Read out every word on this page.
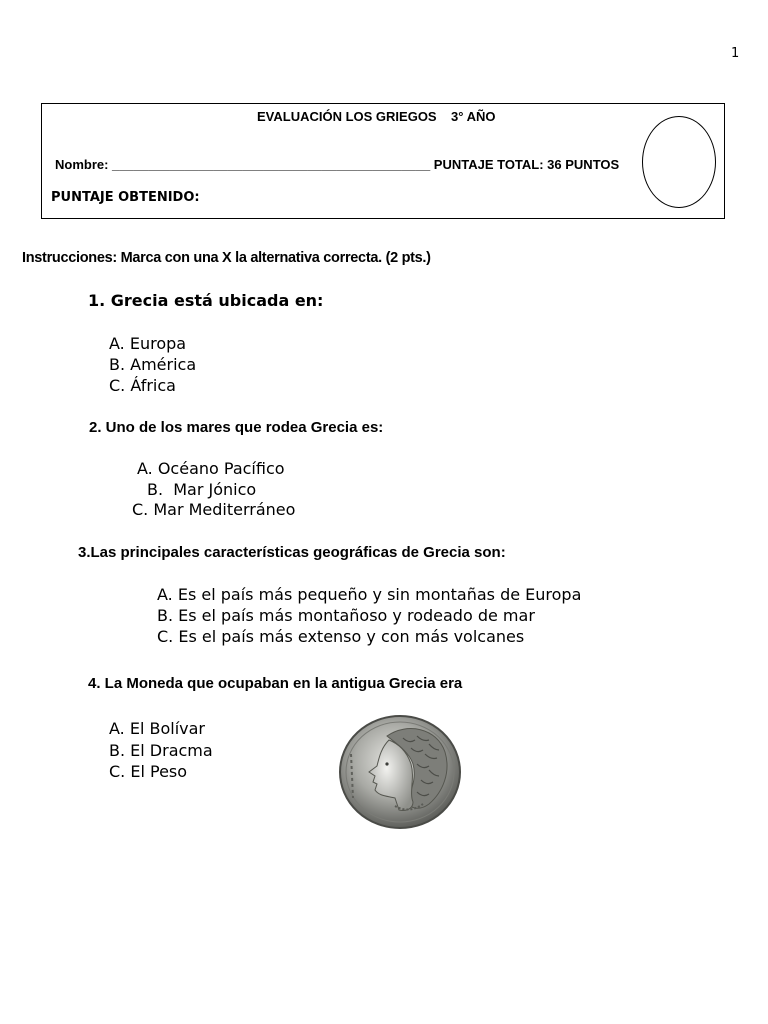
1
EVALUACIÓN LOS GRIEGOS    3° AÑO
Nombre: ____________________________________________ PUNTAJE TOTAL: 36 PUNTOS
PUNTAJE OBTENIDO:
Instrucciones: Marca con una X la alternativa correcta. (2 pts.)
1. Grecia está ubicada en:
A. Europa
B. América
C. África
2. Uno de los mares que rodea Grecia es:
A. Océano Pacífico
B.  Mar Jónico
C. Mar Mediterráneo
3.Las principales características geográficas de Grecia son:
A. Es el país más pequeño y sin montañas de Europa
B. Es el país más montañoso y rodeado de mar
C. Es el país más extenso y con más volcanes
4. La Moneda que ocupaban en la antigua Grecia era
A. El Bolívar
B. El Dracma
C. El Peso
